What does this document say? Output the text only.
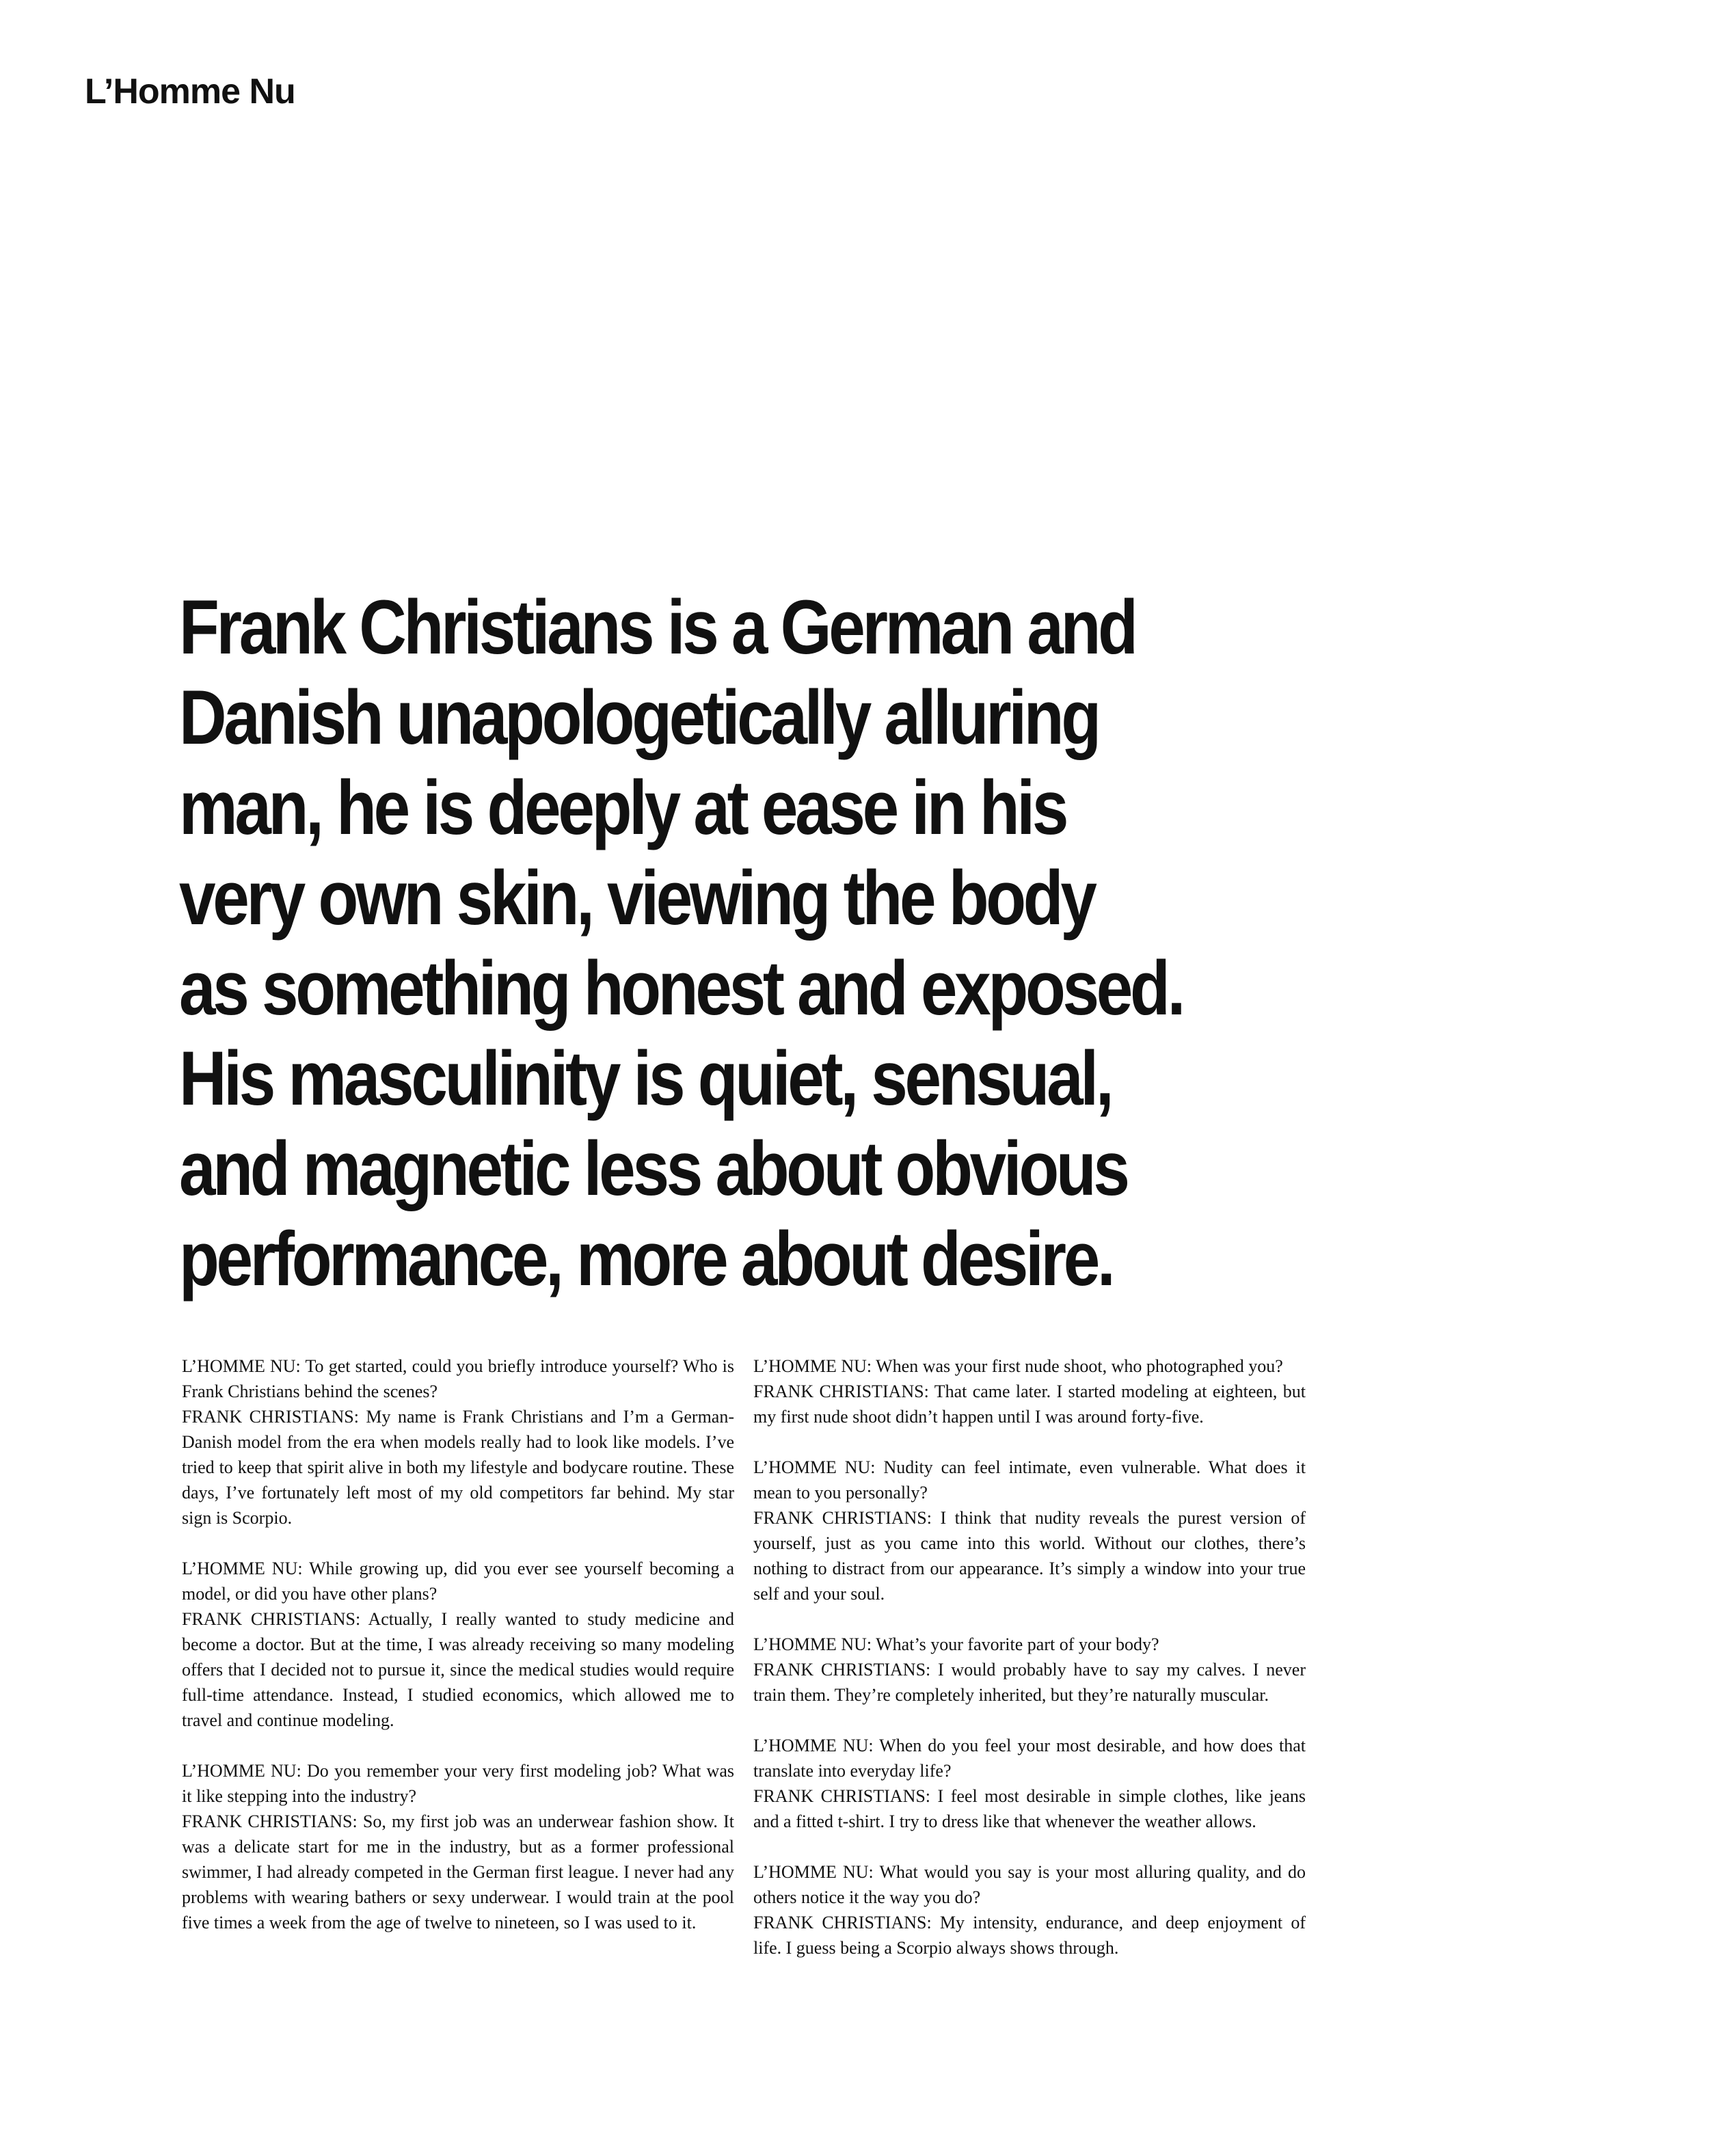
L’Homme Nu
Frank Christians is a German and
Danish unapologetically alluring
man, he is deeply at ease in his
very own skin, viewing the body
as something honest and exposed.
His masculinity is quiet, sensual,
and magnetic less about obvious
performance, more about desire.

L’HOMME NU: To get started, could you briefly introduce yourself? Who is Frank Christians behind the scenes?

FRANK CHRISTIANS: My name is Frank Christians and I’m a German-Danish model from the era when models really had to look like models. I’ve tried to keep that spirit alive in both my lifestyle and bodycare routine. These days, I’ve fortunately left most of my old competitors far behind. My star sign is Scorpio.

L’HOMME NU: While growing up, did you ever see yourself becoming a model, or did you have other plans?

FRANK CHRISTIANS: Actually, I really wanted to study medicine and become a doctor. But at the time, I was already receiving so many modeling offers that I decided not to pursue it, since the medical studies would require full-time attendance. Instead, I studied economics, which allowed me to travel and continue modeling.

L’HOMME NU: Do you remember your very first modeling job? What was it like stepping into the industry?

FRANK CHRISTIANS: So, my first job was an underwear fashion show. It was a delicate start for me in the industry, but as a former professional swimmer, I had already competed in the German first league. I never had any problems with wearing bathers or sexy underwear. I would train at the pool five times a week from the age of twelve to nineteen, so I was used to it.

L’HOMME NU: When was your first nude shoot, who photographed you?

FRANK CHRISTIANS: That came later. I started modeling at eighteen, but my first nude shoot didn’t happen until I was around forty-five.

L’HOMME NU: Nudity can feel intimate, even vulnerable. What does it mean to you personally?

FRANK CHRISTIANS: I think that nudity reveals the purest version of yourself, just as you came into this world. Without our clothes, there’s nothing to distract from our appearance. It’s simply a window into your true self and your soul.

L’HOMME NU: What’s your favorite part of your body?

FRANK CHRISTIANS: I would probably have to say my calves. I never train them. They’re completely inherited, but they’re naturally muscular.

L’HOMME NU: When do you feel your most desirable, and how does that translate into everyday life?

FRANK CHRISTIANS: I feel most desirable in simple clothes, like jeans and a fitted t-shirt. I try to dress like that whenever the weather allows.

L’HOMME NU: What would you say is your most alluring quality, and do others notice it the way you do?

FRANK CHRISTIANS: My intensity, endurance, and deep enjoyment of life. I guess being a Scorpio always shows through.
